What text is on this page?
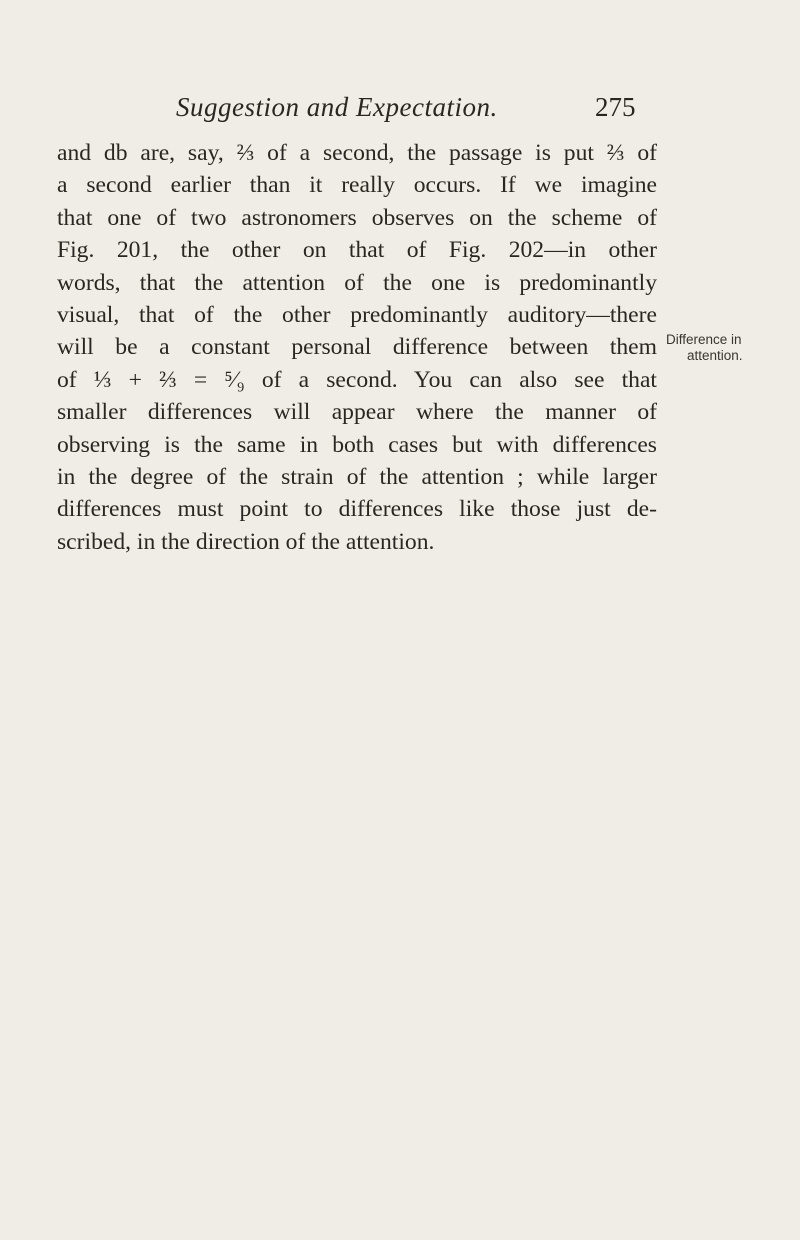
Suggestion and Expectation.	275
and db are, say, ⅔ of a second, the passage is put ⅔ of
a second earlier than it really occurs. If we imagine
that one of two astronomers observes on the scheme of
Fig. 201, the other on that of Fig. 202—in other
words, that the attention of the one is predominantly
visual, that of the other predominantly auditory—there
will be a constant personal difference between them
of ⅓ + ⅔ = ⁵⁄₉ of a second. You can also see that
smaller differences will appear where the manner of
observing is the same in both cases but with differences
in the degree of the strain of the attention ; while larger
differences must point to differences like those just de-
scribed, in the direction of the attention.
Difference in
attention.
